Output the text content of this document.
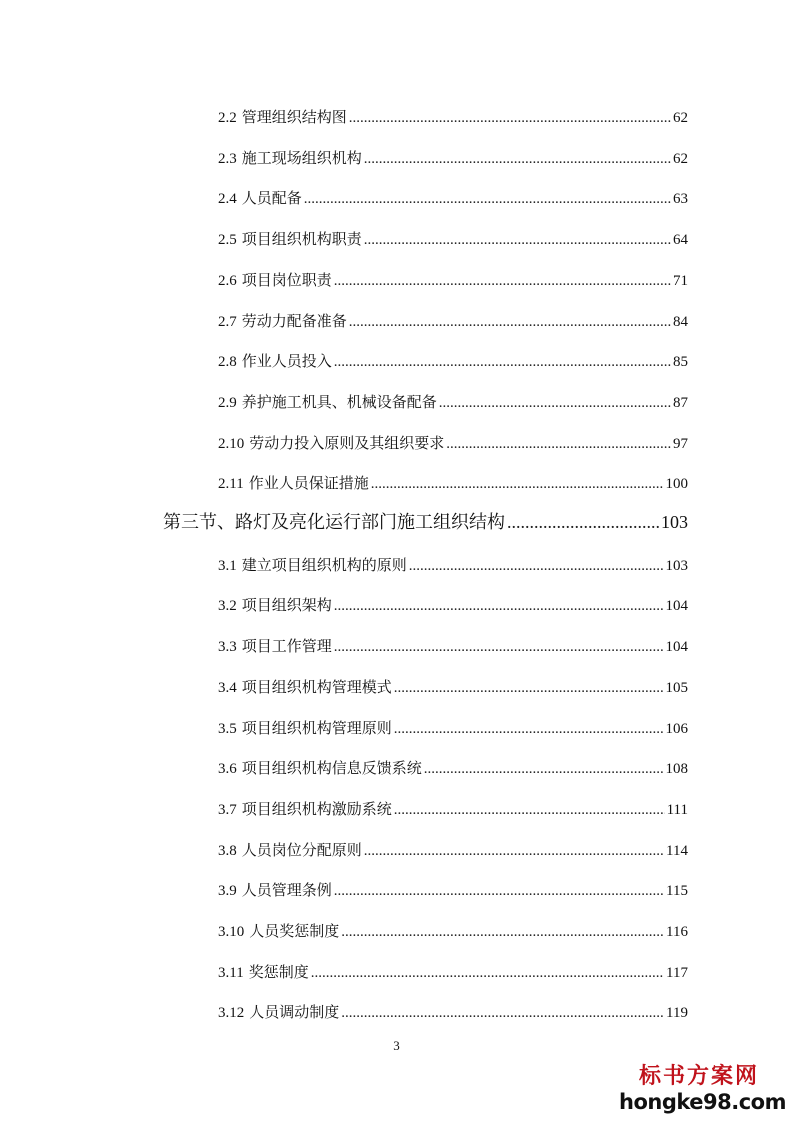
2.2 管理组织结构图 .....	62
2.3 施工现场组织机构 .....	62
2.4 人员配备 .....	63
2.5 项目组织机构职责 .....	64
2.6 项目岗位职责 .....	71
2.7 劳动力配备准备 .....	84
2.8 作业人员投入 .....	85
2.9 养护施工机具、机械设备配备 .....	87
2.10 劳动力投入原则及其组织要求 .....	97
2.11 作业人员保证措施 .....	100
第三节、路灯及亮化运行部门施工组织结构 .....	103
3.1 建立项目组织机构的原则 .....	103
3.2 项目组织架构 .....	104
3.3 项目工作管理 .....	104
3.4 项目组织机构管理模式 .....	105
3.5 项目组织机构管理原则 .....	106
3.6 项目组织机构信息反馈系统 .....	108
3.7 项目组织机构激励系统 .....	111
3.8 人员岗位分配原则 .....	114
3.9 人员管理条例 .....	115
3.10 人员奖惩制度 .....	116
3.11 奖惩制度 .....	117
3.12 人员调动制度 .....	119
3
标书方案网
hongke98.com
